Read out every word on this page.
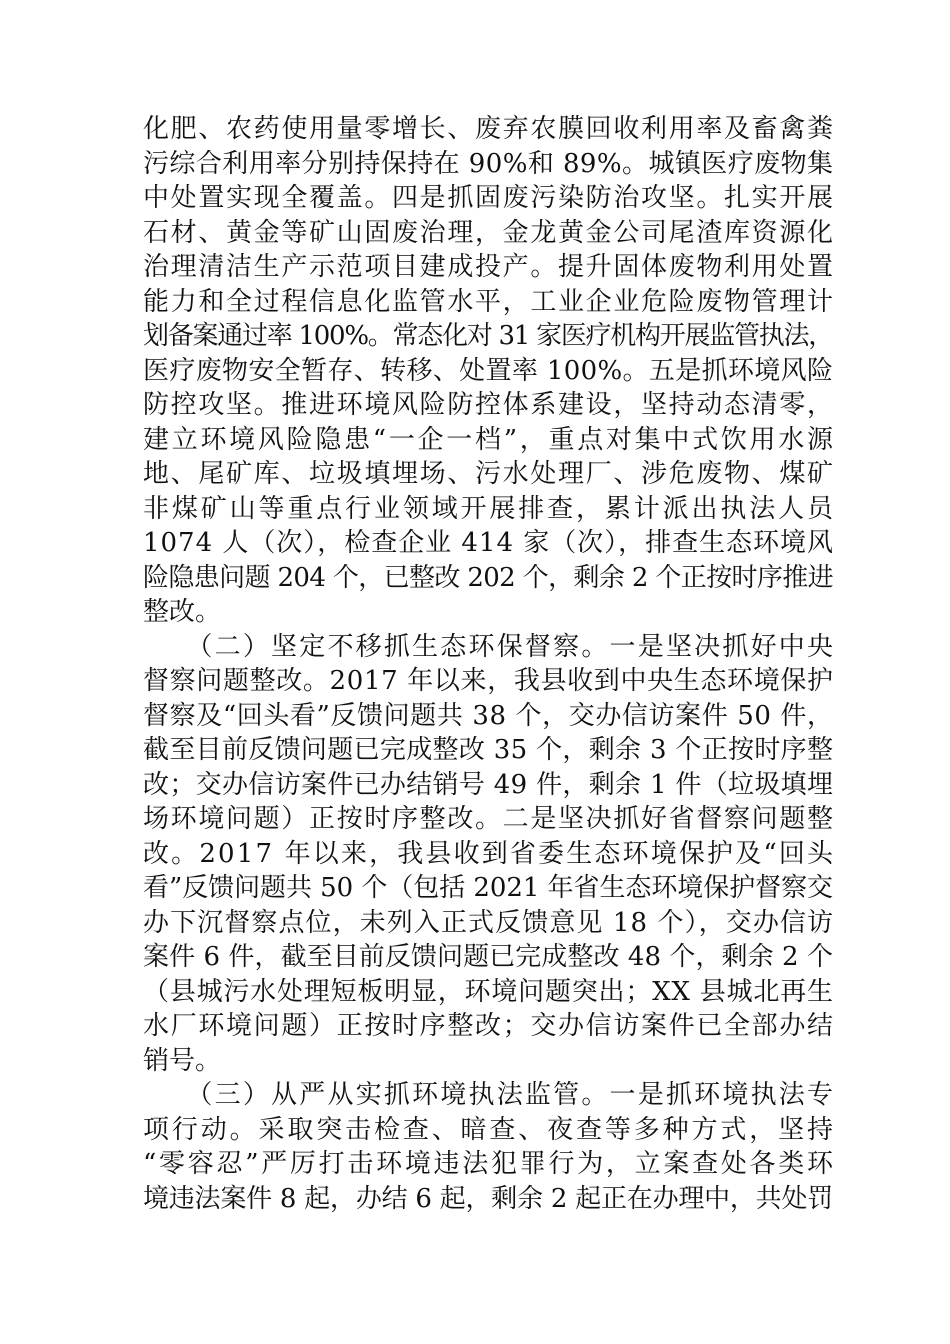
化肥、农药使用量零增长、废弃农膜回收利用率及畜禽粪
污综合利用率分别持保持在 90%和 89%。城镇医疗废物集
中处置实现全覆盖。四是抓固废污染防治攻坚。扎实开展
石材、黄金等矿山固废治理，金龙黄金公司尾渣库资源化
治理清洁生产示范项目建成投产。提升固体废物利用处置
能力和全过程信息化监管水平，工业企业危险废物管理计
划备案通过率 100%。常态化对 31 家医疗机构开展监管执法，
医疗废物安全暂存、转移、处置率 100%。五是抓环境风险
防控攻坚。推进环境风险防控体系建设，坚持动态清零，
建立环境风险隐患“一企一档”，重点对集中式饮用水源
地、尾矿库、垃圾填埋场、污水处理厂、涉危废物、煤矿
非煤矿山等重点行业领域开展排查，累计派出执法人员
1074 人（次），检查企业 414 家（次），排查生态环境风
险隐患问题 204 个，已整改 202 个，剩余 2 个正按时序推进
整改。
　　（二）坚定不移抓生态环保督察。一是坚决抓好中央
督察问题整改。2017 年以来，我县收到中央生态环境保护
督察及“回头看”反馈问题共 38 个，交办信访案件 50 件，
截至目前反馈问题已完成整改 35 个，剩余 3 个正按时序整
改；交办信访案件已办结销号 49 件，剩余 1 件（垃圾填埋
场环境问题）正按时序整改。二是坚决抓好省督察问题整
改。2017 年以来，我县收到省委生态环境保护及“回头
看”反馈问题共 50 个（包括 2021 年省生态环境保护督察交
办下沉督察点位，未列入正式反馈意见 18 个），交办信访
案件 6 件，截至目前反馈问题已完成整改 48 个，剩余 2 个
（县城污水处理短板明显，环境问题突出；XX 县城北再生
水厂环境问题）正按时序整改；交办信访案件已全部办结
销号。
　　（三）从严从实抓环境执法监管。一是抓环境执法专
项行动。采取突击检查、暗查、夜查等多种方式，坚持
“零容忍”严厉打击环境违法犯罪行为，立案查处各类环
境违法案件 8 起，办结 6 起，剩余 2 起正在办理中，共处罚
